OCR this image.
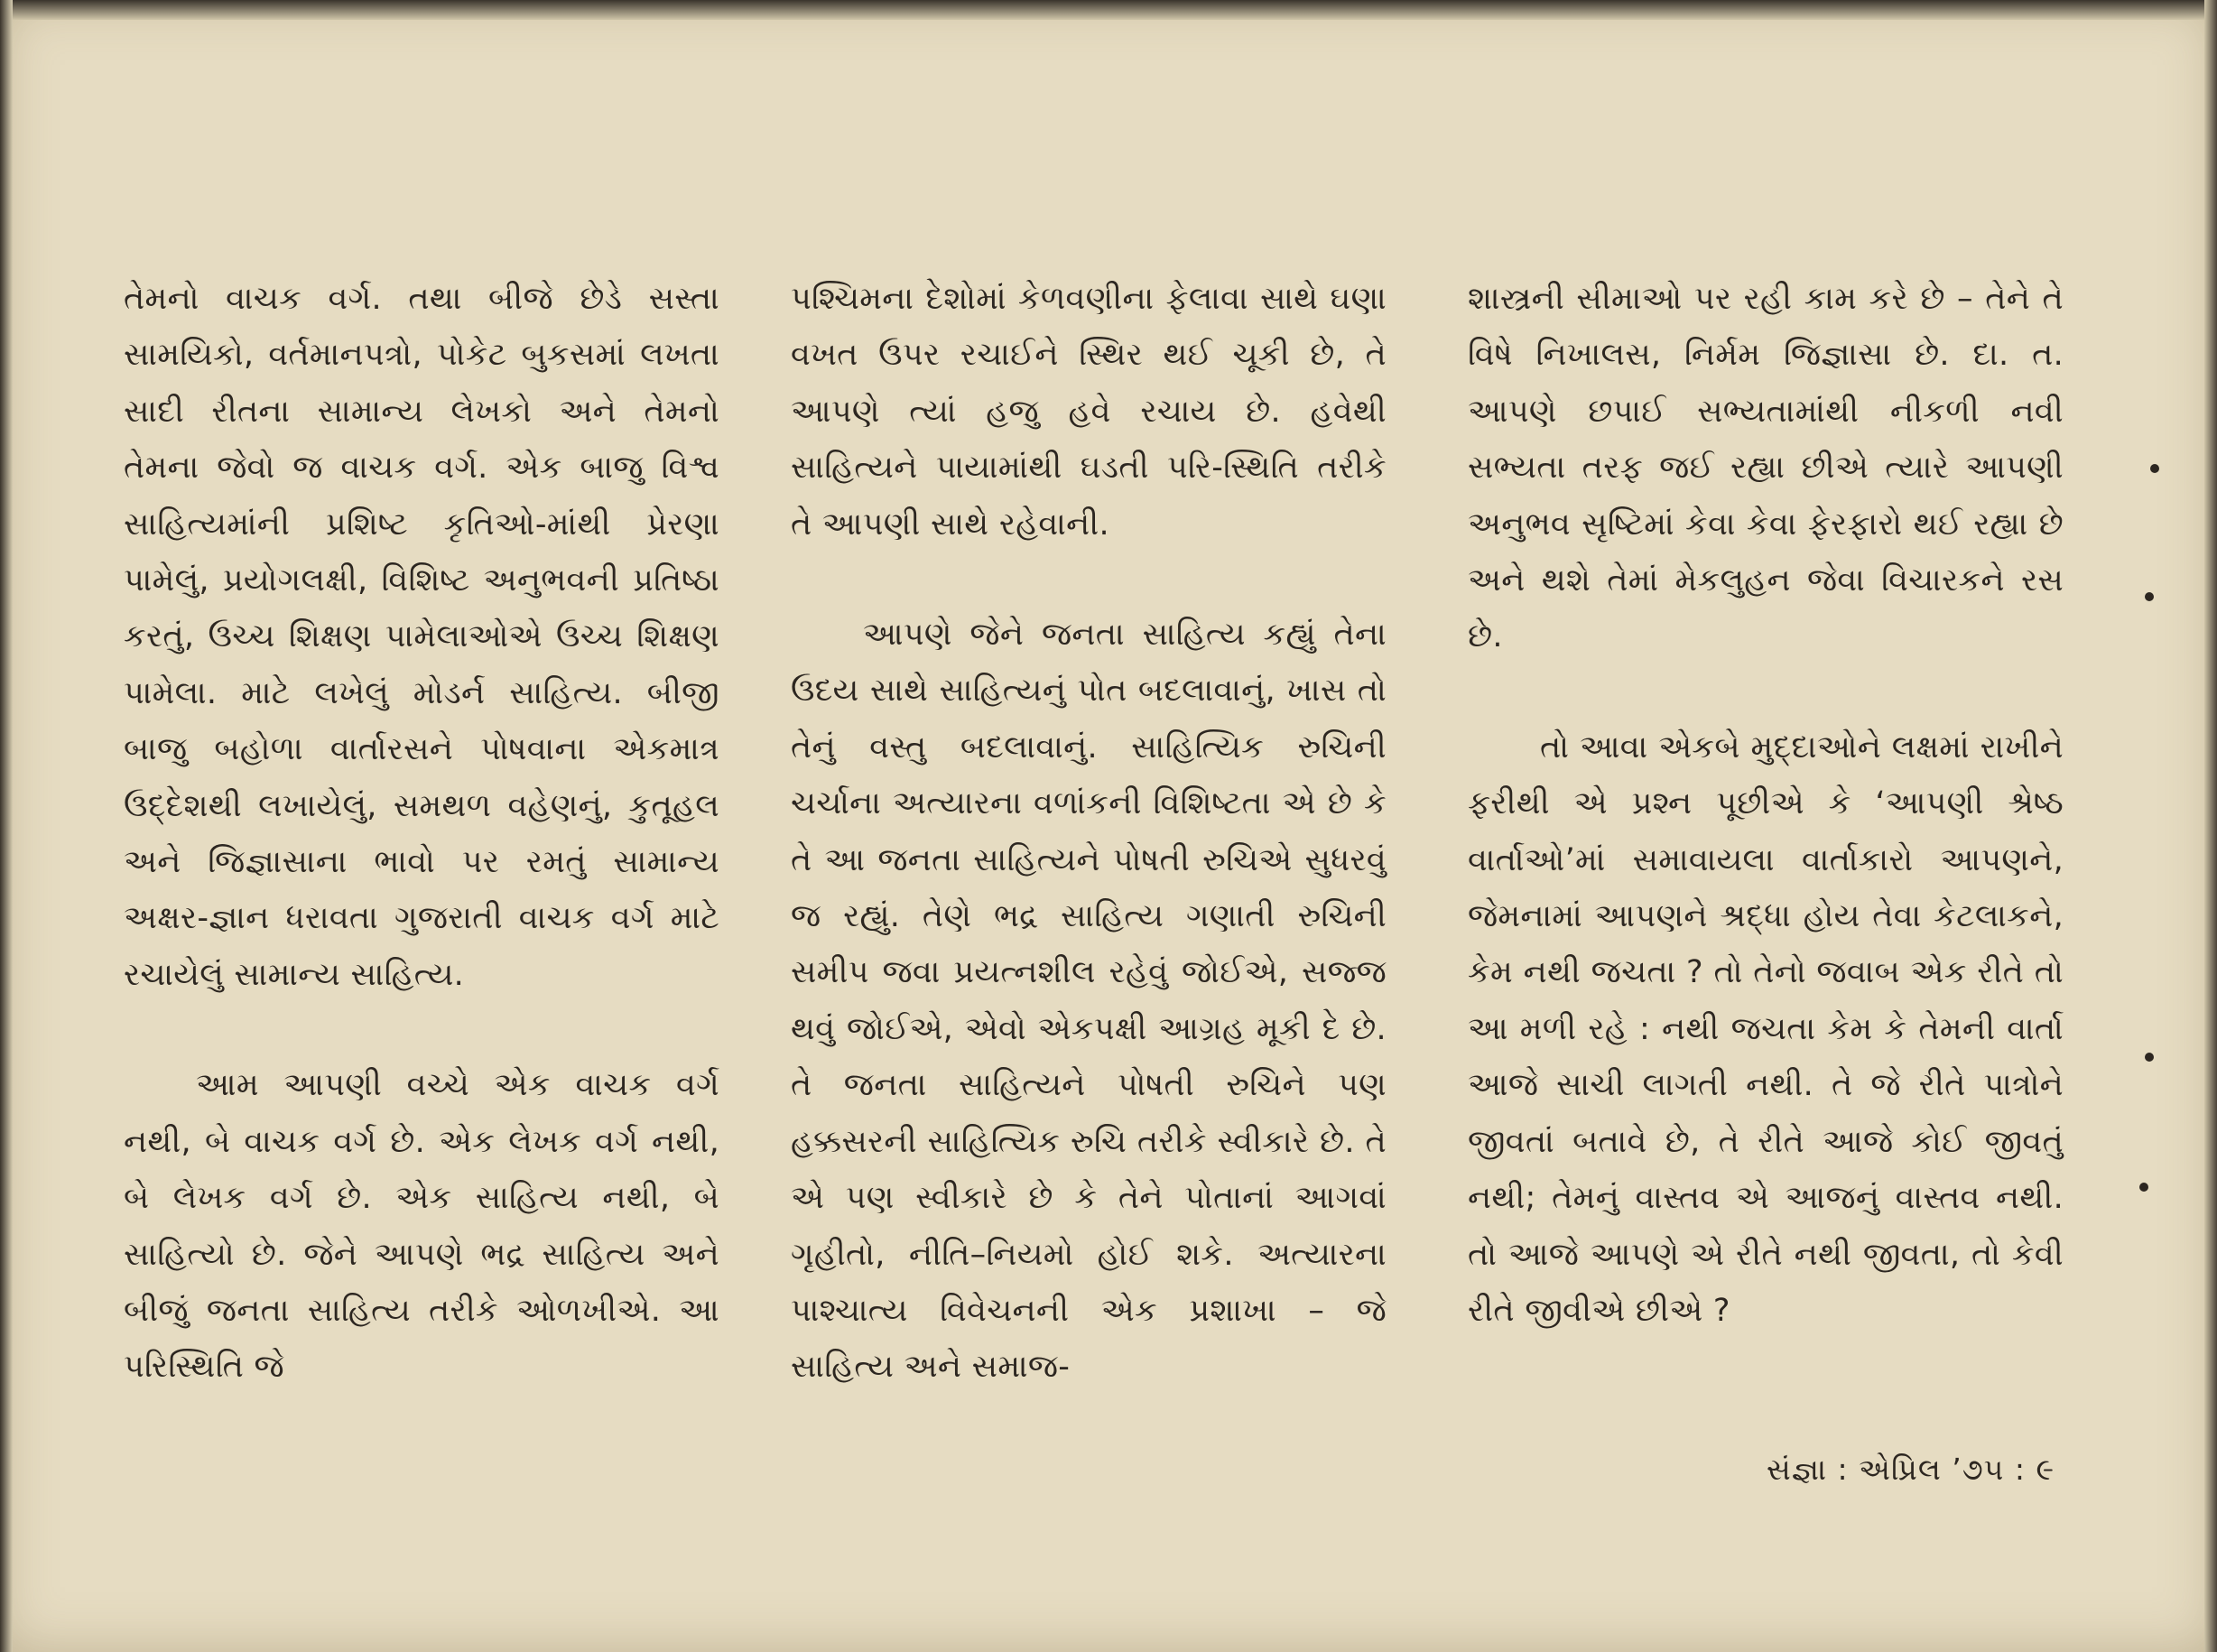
તેમનો વાચક વર્ગ. તથા બીજે છેડે સસ્તા સામયિકો, વર્તમાનપત્રો, પોકેટ બુકસમાં લખતા સાદી રીતના સામાન્ય લેખકો અને તેમનો તેમના જેવો જ વાચક વર્ગ. એક બાજુ વિશ્વ સાહિત્યમાંની પ્રશિષ્ટ કૃતિઓ-માંથી પ્રેરણા પામેલું, પ્રયોગલક્ષી, વિશિષ્ટ અનુભવની પ્રતિષ્ઠા કરતું, ઉચ્ચ શિક્ષણ પામેલાઓએ ઉચ્ચ શિક્ષણ પામેલા. માટે લખેલું મોડર્ન સાહિત્ય. બીજી બાજુ બહોળા વાર્તારસને પોષવાના એકમાત્ર ઉદ્દેશથી લખાયેલું, સમથળ વહેણનું, કુતૂહલ અને જિજ્ઞાસાના ભાવો પર રમતું સામાન્ય અક્ષર-જ્ઞાન ધરાવતા ગુજરાતી વાચક વર્ગ માટે રચાયેલું સામાન્ય સાહિત્ય.

આમ આપણી વચ્ચે એક વાચક વર્ગ નથી, બે વાચક વર્ગ છે. એક લેખક વર્ગ નથી, બે લેખક વર્ગ છે. એક સાહિત્ય નથી, બે સાહિત્યો છે. જેને આપણે ભદ્ર સાહિત્ય અને બીજું જનતા સાહિત્ય તરીકે ઓળખીએ. આ પરિસ્થિતિ જે

પશ્ચિમના દેશોમાં કેળવણીના ફેલાવા સાથે ઘણા વખત ઉપર રચાઈને સ્થિર થઈ ચૂકી છે, તે આપણે ત્યાં હજુ હવે રચાય છે. હવેથી સાહિત્યને પાયામાંથી ઘડતી પરિ-સ્થિતિ તરીકે તે આપણી સાથે રહેવાની.

આપણે જેને જનતા સાહિત્ય કહ્યું તેના ઉદય સાથે સાહિત્યનું પોત બદલાવાનું, ખાસ તો તેનું વસ્તુ બદલાવાનું. સાહિત્યિક રુચિની ચર્ચાના અત્યારના વળાંકની વિશિષ્ટતા એ છે કે તે આ જનતા સાહિત્યને પોષતી રુચિએ સુધરવું જ રહ્યું. તેણે ભદ્ર સાહિત્ય ગણાતી રુચિની સમીપ જવા પ્રયત્નશીલ રહેવું જોઈએ, સજ્જ થવું જોઈએ, એવો એકપક્ષી આગ્રહ મૂકી દે છે. તે જનતા સાહિત્યને પોષતી રુચિને પણ હક્કસરની સાહિત્યિક રુચિ તરીકે સ્વીકારે છે. તે એ પણ સ્વીકારે છે કે તેને પોતાનાં આગવાં ગૃહીતો, નીતિ–નિયમો હોઈ શકે. અત્યારના પાશ્ચાત્ય વિવેચનની એક પ્રશાખા – જે સાહિત્ય અને સમાજ-

શાસ્ત્રની સીમાઓ પર રહી કામ કરે છે – તેને તે વિષે નિખાલસ, નિર્મમ જિજ્ઞાસા છે. દા. ત. આપણે છપાઈ સભ્યતામાંથી નીકળી નવી સભ્યતા તરફ જઈ રહ્યા છીએ ત્યારે આપણી અનુભવ સૃષ્ટિમાં કેવા કેવા ફેરફારો થઈ રહ્યા છે અને થશે તેમાં મેકલુહન જેવા વિચારકને રસ છે.

તો આવા એકબે મુદ્દાઓને લક્ષમાં રાખીને ફરીથી એ પ્રશ્ન પૂછીએ કે ‘આપણી શ્રેષ્ઠ વાર્તાઓ’માં સમાવાયલા વાર્તાકારો આપણને, જેમનામાં આપણને શ્રદ્ધા હોય તેવા કેટલાકને, કેમ નથી જચતા ? તો તેનો જવાબ એક રીતે તો આ મળી રહે : નથી જચતા કેમ કે તેમની વાર્તા આજે સાચી લાગતી નથી. તે જે રીતે પાત્રોને જીવતાં બતાવે છે, તે રીતે આજે કોઈ જીવતું નથી; તેમનું વાસ્તવ એ આજનું વાસ્તવ નથી. તો આજે આપણે એ રીતે નથી જીવતા, તો કેવી રીતે જીવીએ છીએ ?

સંજ્ઞા : એપ્રિલ ’૭૫ : ૯
